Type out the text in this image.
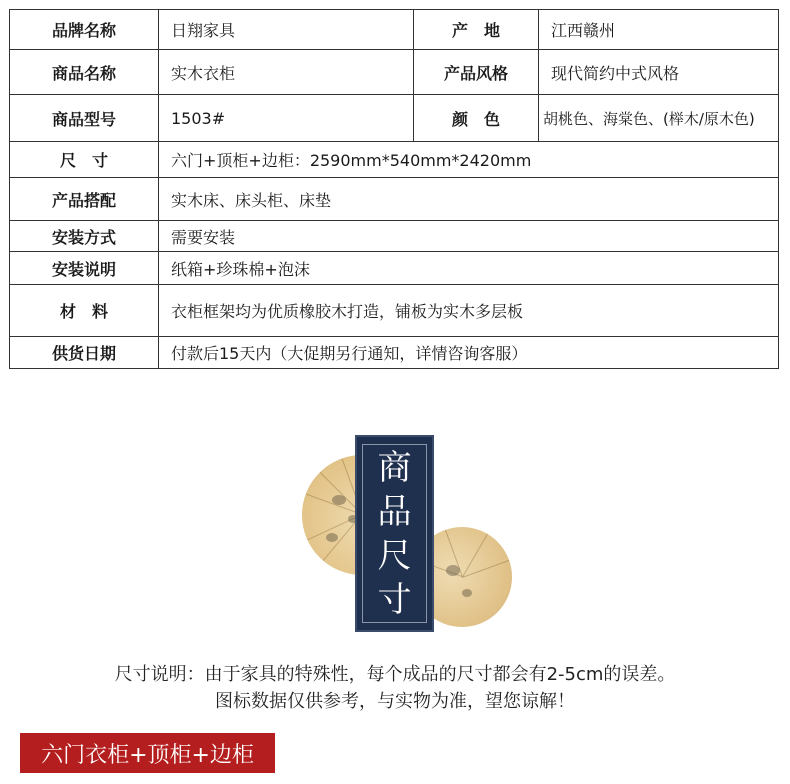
品牌名称	日翔家具	产　地	江西赣州
商品名称	实木衣柜	产品风格	现代简约中式风格
商品型号	1503#	颜　色	胡桃色、海棠色、(榉木/原木色)
尺　寸	六门+顶柜+边柜：2590mm*540mm*2420mm		
产品搭配	实木床、床头柜、床垫		
安装方式	需要安装		
安装说明	纸箱+珍珠棉+泡沫		
材　料	衣柜框架均为优质橡胶木打造，铺板为实木多层板		
供货日期	付款后15天内（大促期另行通知，详情咨询客服）		
商
品
尺
寸
尺寸说明：由于家具的特殊性，每个成品的尺寸都会有2-5cm的误差。
图标数据仅供参考，与实物为准，望您谅解！
六门衣柜+顶柜+边柜
